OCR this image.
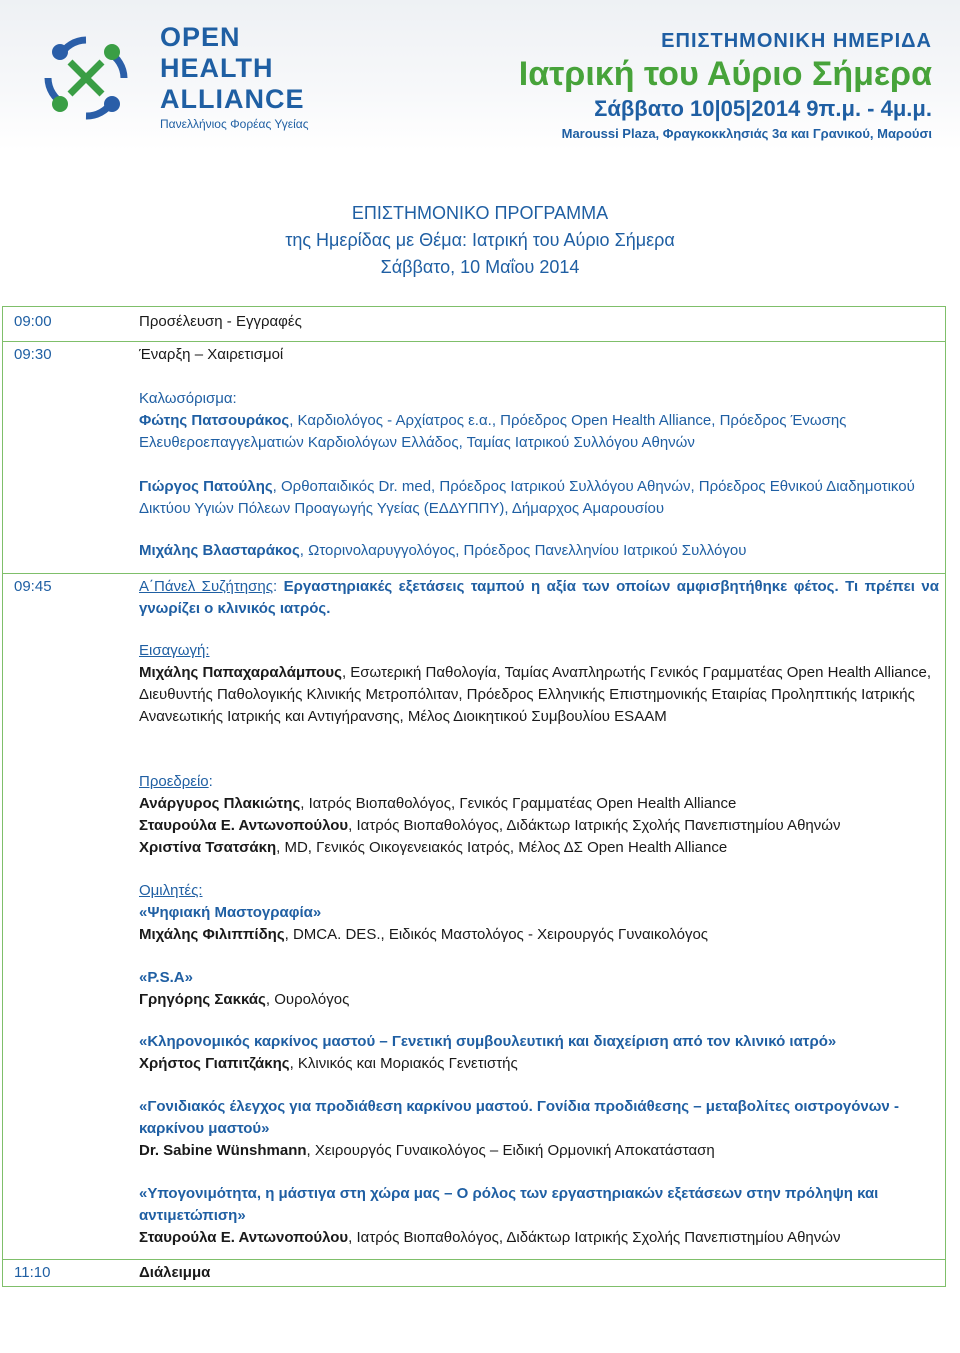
OPEN
HEALTH
ALLIANCE
Πανελλήνιος Φορέας Υγείας
ΕΠΙΣΤΗΜΟΝΙΚΗ ΗΜΕΡΙΔΑ
Ιατρική του Αύριο Σήμερα
Σάββατο 10|05|2014 9π.μ. - 4μ.μ.
Maroussi Plaza, Φραγκοκκλησιάς 3α και Γρανικού, Μαρούσι
ΕΠΙΣΤΗΜΟΝΙΚΟ ΠΡΟΓΡΑΜΜΑ
της Ημερίδας με Θέμα: Ιατρική του Αύριο Σήμερα
Σάββατο, 10 Μαΐου 2014
09:00	Προσέλευση - Εγγραφές
09:30	Έναρξη – Χαιρετισμοί
Καλωσόρισμα:
Φώτης Πατσουράκος, Καρδιολόγος - Αρχίατρος ε.α., Πρόεδρος Open Health Alliance, Πρόεδρος Ένωσης Ελευθεροεπαγγελματιών Καρδιολόγων Ελλάδος, Ταμίας Ιατρικού Συλλόγου Αθηνών
Γιώργος Πατούλης, Ορθοπαιδικός Dr. med, Πρόεδρος Ιατρικού Συλλόγου Αθηνών, Πρόεδρος Εθνικού Διαδημοτικού Δικτύου Υγιών Πόλεων Προαγωγής Υγείας (ΕΔΔΥΠΠΥ), Δήμαρχος Αμαρουσίου
Μιχάλης Βλασταράκος, Ωτορινολαρυγγολόγος, Πρόεδρος Πανελληνίου Ιατρικού Συλλόγου
09:45	Α΄Πάνελ Συζήτησης: Εργαστηριακές εξετάσεις ταμπού η αξία των οποίων αμφισβητήθηκε φέτος. Τι πρέπει να γνωρίζει ο κλινικός ιατρός.
Εισαγωγή:
Μιχάλης Παπαχαραλάμπους, Εσωτερική Παθολογία, Ταμίας Αναπληρωτής Γενικός Γραμματέας Open Health Alliance, Διευθυντής Παθολογικής Κλινικής Μετροπόλιταν, Πρόεδρος Ελληνικής Επιστημονικής Εταιρίας Προληπτικής Ιατρικής Ανανεωτικής Ιατρικής και Αντιγήρανσης, Μέλος Διοικητικού Συμβουλίου ESAAM
Προεδρείο:
Ανάργυρος Πλακιώτης, Ιατρός Βιοπαθολόγος, Γενικός Γραμματέας Open Health Alliance
Σταυρούλα Ε. Αντωνοπούλου, Ιατρός Βιοπαθολόγος, Διδάκτωρ Ιατρικής Σχολής Πανεπιστημίου Αθηνών
Χριστίνα Τσατσάκη, MD, Γενικός Οικογενειακός Ιατρός, Μέλος ΔΣ Open Health Alliance
Ομιλητές:
«Ψηφιακή Μαστογραφία»
Μιχάλης Φιλιππίδης, DMCA. DES., Ειδικός Μαστολόγος - Χειρουργός Γυναικολόγος
«P.S.A»
Γρηγόρης Σακκάς, Ουρολόγος
«Κληρονομικός καρκίνος μαστού – Γενετική συμβουλευτική και διαχείριση από τον κλινικό ιατρό»
Χρήστος Γιαπιτζάκης, Κλινικός και Μοριακός Γενετιστής
«Γονιδιακός έλεγχος για προδιάθεση καρκίνου μαστού. Γονίδια προδιάθεσης – μεταβολίτες οιστρογόνων - καρκίνου μαστού»
Dr. Sabine Wünshmann, Χειρουργός Γυναικολόγος – Ειδική Ορμονική Αποκατάσταση
«Υπογονιμότητα, η μάστιγα στη χώρα μας – Ο ρόλος των εργαστηριακών εξετάσεων στην πρόληψη και αντιμετώπιση»
Σταυρούλα Ε. Αντωνοπούλου, Ιατρός Βιοπαθολόγος, Διδάκτωρ Ιατρικής Σχολής Πανεπιστημίου Αθηνών
11:10	Διάλειμμα
